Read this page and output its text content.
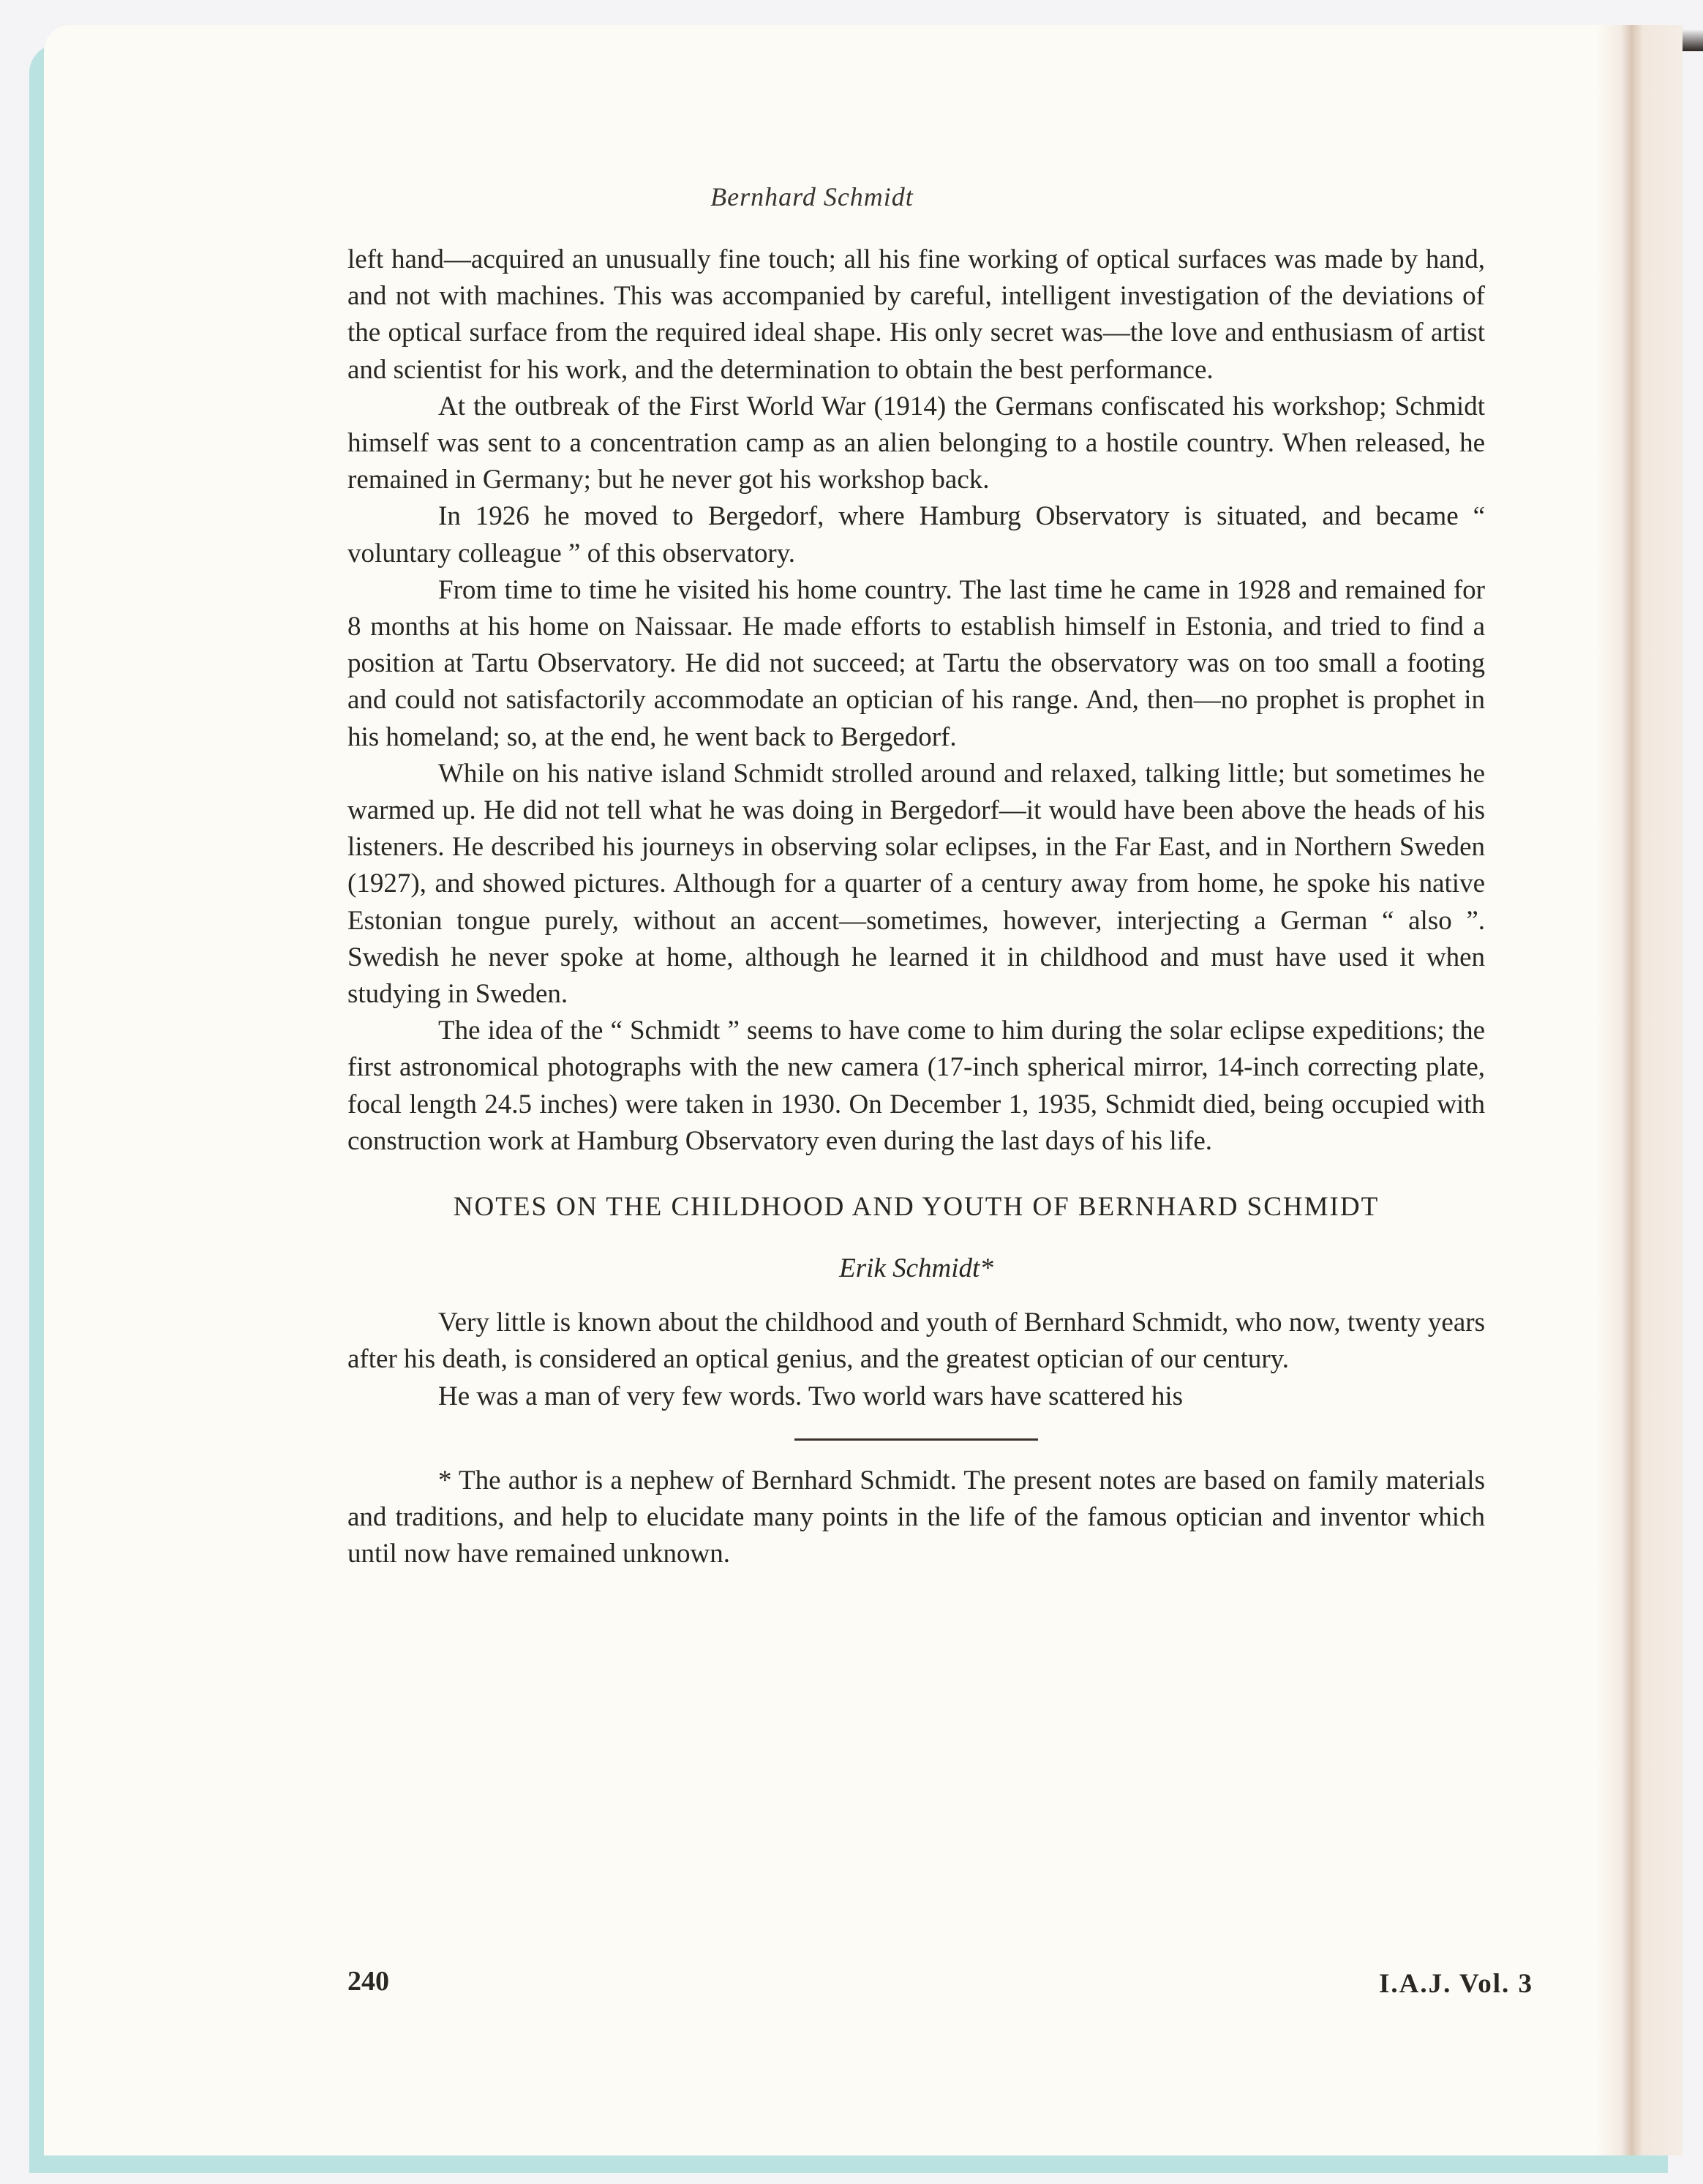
Bernhard Schmidt

left hand—acquired an unusually fine touch; all his fine working of optical surfaces was made by hand, and not with machines. This was accompanied by careful, intelligent investigation of the deviations of the optical surface from the required ideal shape. His only secret was—the love and enthusiasm of artist and scientist for his work, and the determination to obtain the best performance.

At the outbreak of the First World War (1914) the Germans confiscated his workshop; Schmidt himself was sent to a concentration camp as an alien belonging to a hostile country. When released, he remained in Germany; but he never got his workshop back.

In 1926 he moved to Bergedorf, where Hamburg Observatory is situated, and became “ voluntary colleague ” of this observatory.

From time to time he visited his home country. The last time he came in 1928 and remained for 8 months at his home on Naissaar. He made efforts to establish himself in Estonia, and tried to find a position at Tartu Observatory. He did not succeed; at Tartu the observatory was on too small a footing and could not satisfactorily accommodate an optician of his range. And, then—no prophet is prophet in his homeland; so, at the end, he went back to Bergedorf.

While on his native island Schmidt strolled around and relaxed, talking little; but sometimes he warmed up. He did not tell what he was doing in Bergedorf—it would have been above the heads of his listeners. He described his journeys in observing solar eclipses, in the Far East, and in Northern Sweden (1927), and showed pictures. Although for a quarter of a century away from home, he spoke his native Estonian tongue purely, without an accent—sometimes, however, interjecting a German “ also ”. Swedish he never spoke at home, although he learned it in childhood and must have used it when studying in Sweden.

The idea of the “ Schmidt ” seems to have come to him during the solar eclipse expeditions; the first astronomical photographs with the new camera (17-inch spherical mirror, 14-inch correcting plate, focal length 24.5 inches) were taken in 1930. On December 1, 1935, Schmidt died, being occupied with construction work at Hamburg Observatory even during the last days of his life.

NOTES ON THE CHILDHOOD AND YOUTH OF BERNHARD SCHMIDT

Erik Schmidt*

Very little is known about the childhood and youth of Bernhard Schmidt, who now, twenty years after his death, is considered an optical genius, and the greatest optician of our century.

He was a man of very few words. Two world wars have scattered his

* The author is a nephew of Bernhard Schmidt. The present notes are based on family materials and traditions, and help to elucidate many points in the life of the famous optician and inventor which until now have remained unknown.

240	I.A.J. Vol. 3
